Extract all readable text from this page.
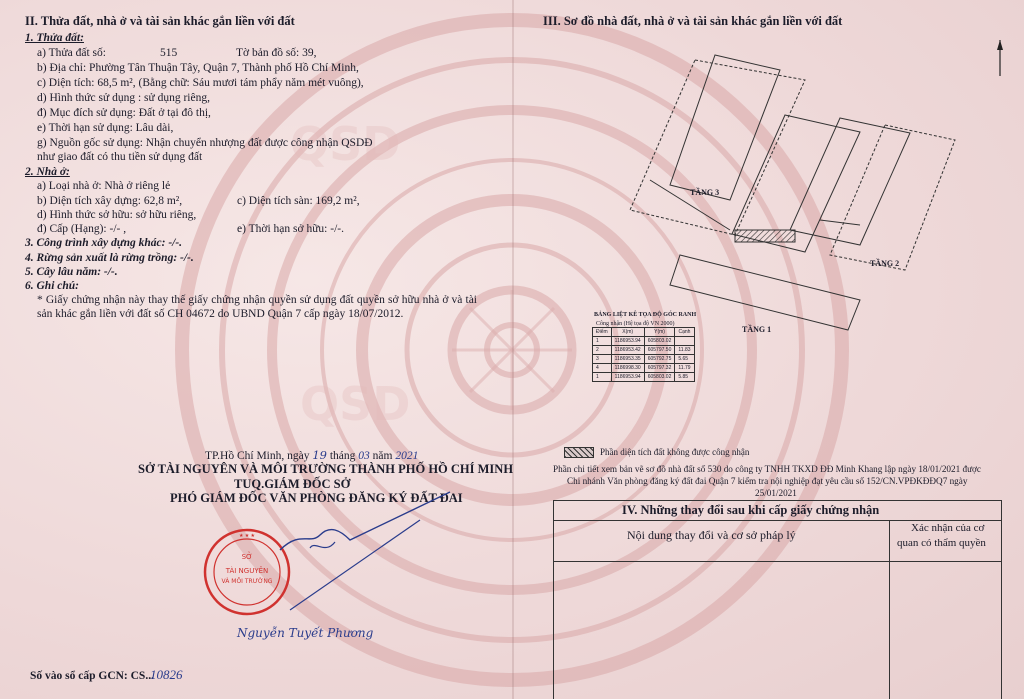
QSD
QSD
II. Thửa đất, nhà ở và tài sản khác gắn liền với đất
1. Thửa đất:
a) Thửa đất số:	515	Tờ bản đồ số: 39,
b) Địa chỉ: Phường Tân Thuận Tây, Quận 7, Thành phố Hồ Chí Minh,
c) Diện tích: 68,5 m², (Bằng chữ: Sáu mươi tám phẩy năm mét vuông),
d) Hình thức sử dụng : sử dụng riêng,
đ) Mục đích sử dụng: Đất ở tại đô thị,
e) Thời hạn sử dụng: Lâu dài,
g) Nguồn gốc sử dụng: Nhận chuyển nhượng đất được công nhận QSDĐ
như giao đất có thu tiền sử dụng đất
2. Nhà ở:
a) Loại nhà ở: Nhà ở riêng lẻ
b) Diện tích xây dựng: 62,8 m²,	c) Diện tích sàn: 169,2 m²,
d) Hình thức sở hữu: sở hữu riêng,
đ) Cấp (Hạng): -/- ,	e) Thời hạn sở hữu: -/-.
3. Công trình xây dựng khác: -/-.
4. Rừng sản xuất là rừng trồng: -/-.
5. Cây lâu năm: -/-.
6. Ghi chú:
* Giấy chứng nhận này thay thế giấy chứng nhận quyền sử dụng đất quyền sở hữu nhà ở và tài sản khác gắn liền với đất số CH 04672 do UBND Quận 7 cấp ngày 18/07/2012.
TP.Hồ Chí Minh, ngày 19 tháng 03 năm 2021
SỞ TÀI NGUYÊN VÀ MÔI TRƯỜNG THÀNH PHỐ HỒ CHÍ MINH
TUQ.GIÁM ĐỐC SỞ
PHÓ GIÁM ĐỐC VĂN PHÒNG ĐĂNG KÝ ĐẤT ĐAI
SỞ
TÀI NGUYÊN
VÀ MÔI TRƯỜNG
★ ★ ★
Nguyễn Tuyết Phương
Số vào sổ cấp GCN: CS...
10826
III. Sơ đồ nhà đất, nhà ở và tài sản khác gắn liền với đất
TẦNG 3
TẦNG 2
TẦNG 1
BẢNG LIỆT KÊ TỌA ĐỘ GÓC RANH
Công nhận (Hệ tọa độ VN 2000)
Điểm	X(m)	Y(m)	Cạnh
1	1186953.94	605803.02	
2	1186953.42	605797.50	11.83
3	1186953.35	605792.75	5.65
4	1186998.30	605797.32	11.79
1	1186953.94	605803.02	5.85
Phần diện tích đất không được công nhận
Phần chi tiết xem bản vẽ sơ đồ nhà đất số 530 do công ty TNHH TKXD ĐĐ Minh Khang lập ngày 18/01/2021 được
Chi nhánh Văn phòng đăng ký đất đai Quận 7 kiểm tra nội nghiệp đạt yêu cầu số 152/CN.VPĐKĐĐQ7 ngày
25/01/2021
IV. Những thay đổi sau khi cấp giấy chứng nhận
Nội dung thay đổi và cơ sở pháp lý	Xác nhận của cơ
quan có thẩm quyền
